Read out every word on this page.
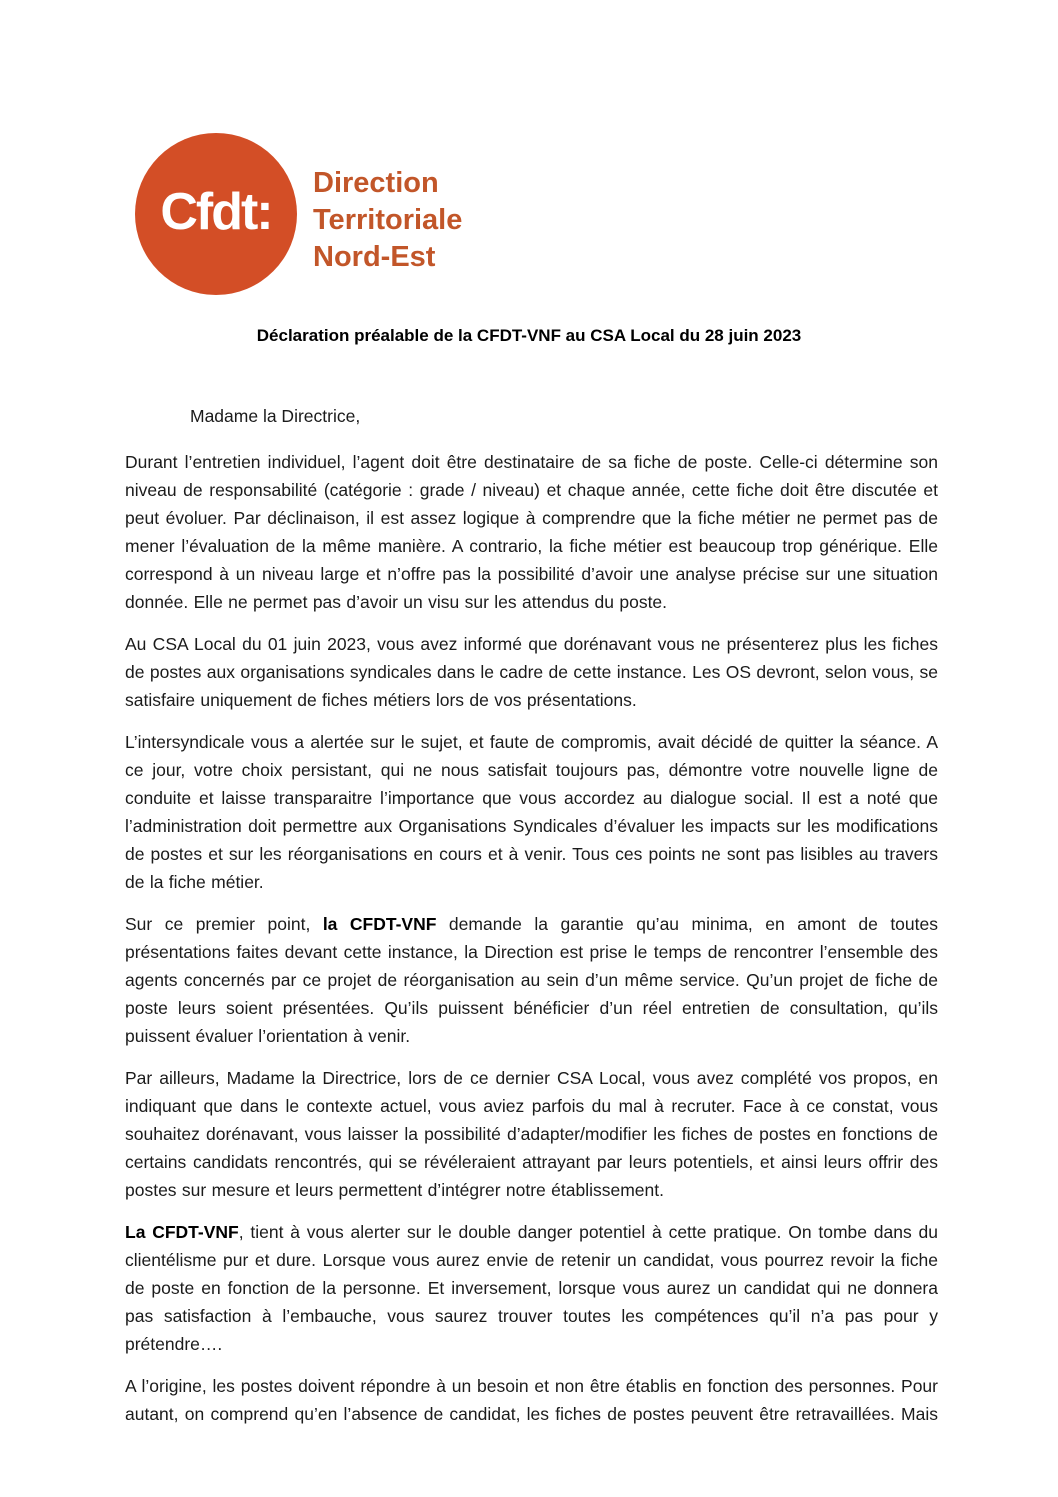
Cfdt: Direction
Territoriale
Nord-Est
Déclaration préalable de la CFDT-VNF au CSA Local du 28 juin 2023
Madame la Directrice,

Durant l’entretien individuel, l’agent doit être destinataire de sa fiche de poste. Celle-ci détermine son niveau de responsabilité (catégorie : grade / niveau) et chaque année, cette fiche doit être discutée et peut évoluer. Par déclinaison, il est assez logique à comprendre que la fiche métier ne permet pas de mener l’évaluation de la même manière. A contrario, la fiche métier est beaucoup trop générique. Elle correspond à un niveau large et n’offre pas la possibilité d’avoir une analyse précise sur une situation donnée. Elle ne permet pas d’avoir un visu sur les attendus du poste.

Au CSA Local du 01 juin 2023, vous avez informé que dorénavant vous ne présenterez plus les fiches de postes aux organisations syndicales dans le cadre de cette instance. Les OS devront, selon vous, se satisfaire uniquement de fiches métiers lors de vos présentations.

L’intersyndicale vous a alertée sur le sujet, et faute de compromis, avait décidé de quitter la séance. A ce jour, votre choix persistant, qui ne nous satisfait toujours pas, démontre votre nouvelle ligne de conduite et laisse transparaitre l’importance que vous accordez au dialogue social. Il est a noté que l’administration doit permettre aux Organisations Syndicales d’évaluer les impacts sur les modifications de postes et sur les réorganisations en cours et à venir. Tous ces points ne sont pas lisibles au travers de la fiche métier.

Sur ce premier point, la CFDT-VNF demande la garantie qu’au minima, en amont de toutes présentations faites devant cette instance, la Direction est prise le temps de rencontrer l’ensemble des agents concernés par ce projet de réorganisation au sein d’un même service. Qu’un projet de fiche de poste leurs soient présentées. Qu’ils puissent bénéficier d’un réel entretien de consultation, qu’ils puissent évaluer l’orientation à venir.

Par ailleurs, Madame la Directrice, lors de ce dernier CSA Local, vous avez complété vos propos, en indiquant que dans le contexte actuel, vous aviez parfois du mal à recruter. Face à ce constat, vous souhaitez dorénavant, vous laisser la possibilité d’adapter/modifier les fiches de postes en fonctions de certains candidats rencontrés, qui se révéleraient attrayant par leurs potentiels, et ainsi leurs offrir des postes sur mesure et leurs permettent d’intégrer notre établissement.

La CFDT-VNF, tient à vous alerter sur le double danger potentiel à cette pratique. On tombe dans du clientélisme pur et dure. Lorsque vous aurez envie de retenir un candidat, vous pourrez revoir la fiche de poste en fonction de la personne. Et inversement, lorsque vous aurez un candidat qui ne donnera pas satisfaction à l’embauche, vous saurez trouver toutes les compétences qu’il n’a pas pour y prétendre….

A l’origine, les postes doivent répondre à un besoin et non être établis en fonction des personnes. Pour autant, on comprend qu’en l’absence de candidat, les fiches de postes peuvent être retravaillées. Mais
